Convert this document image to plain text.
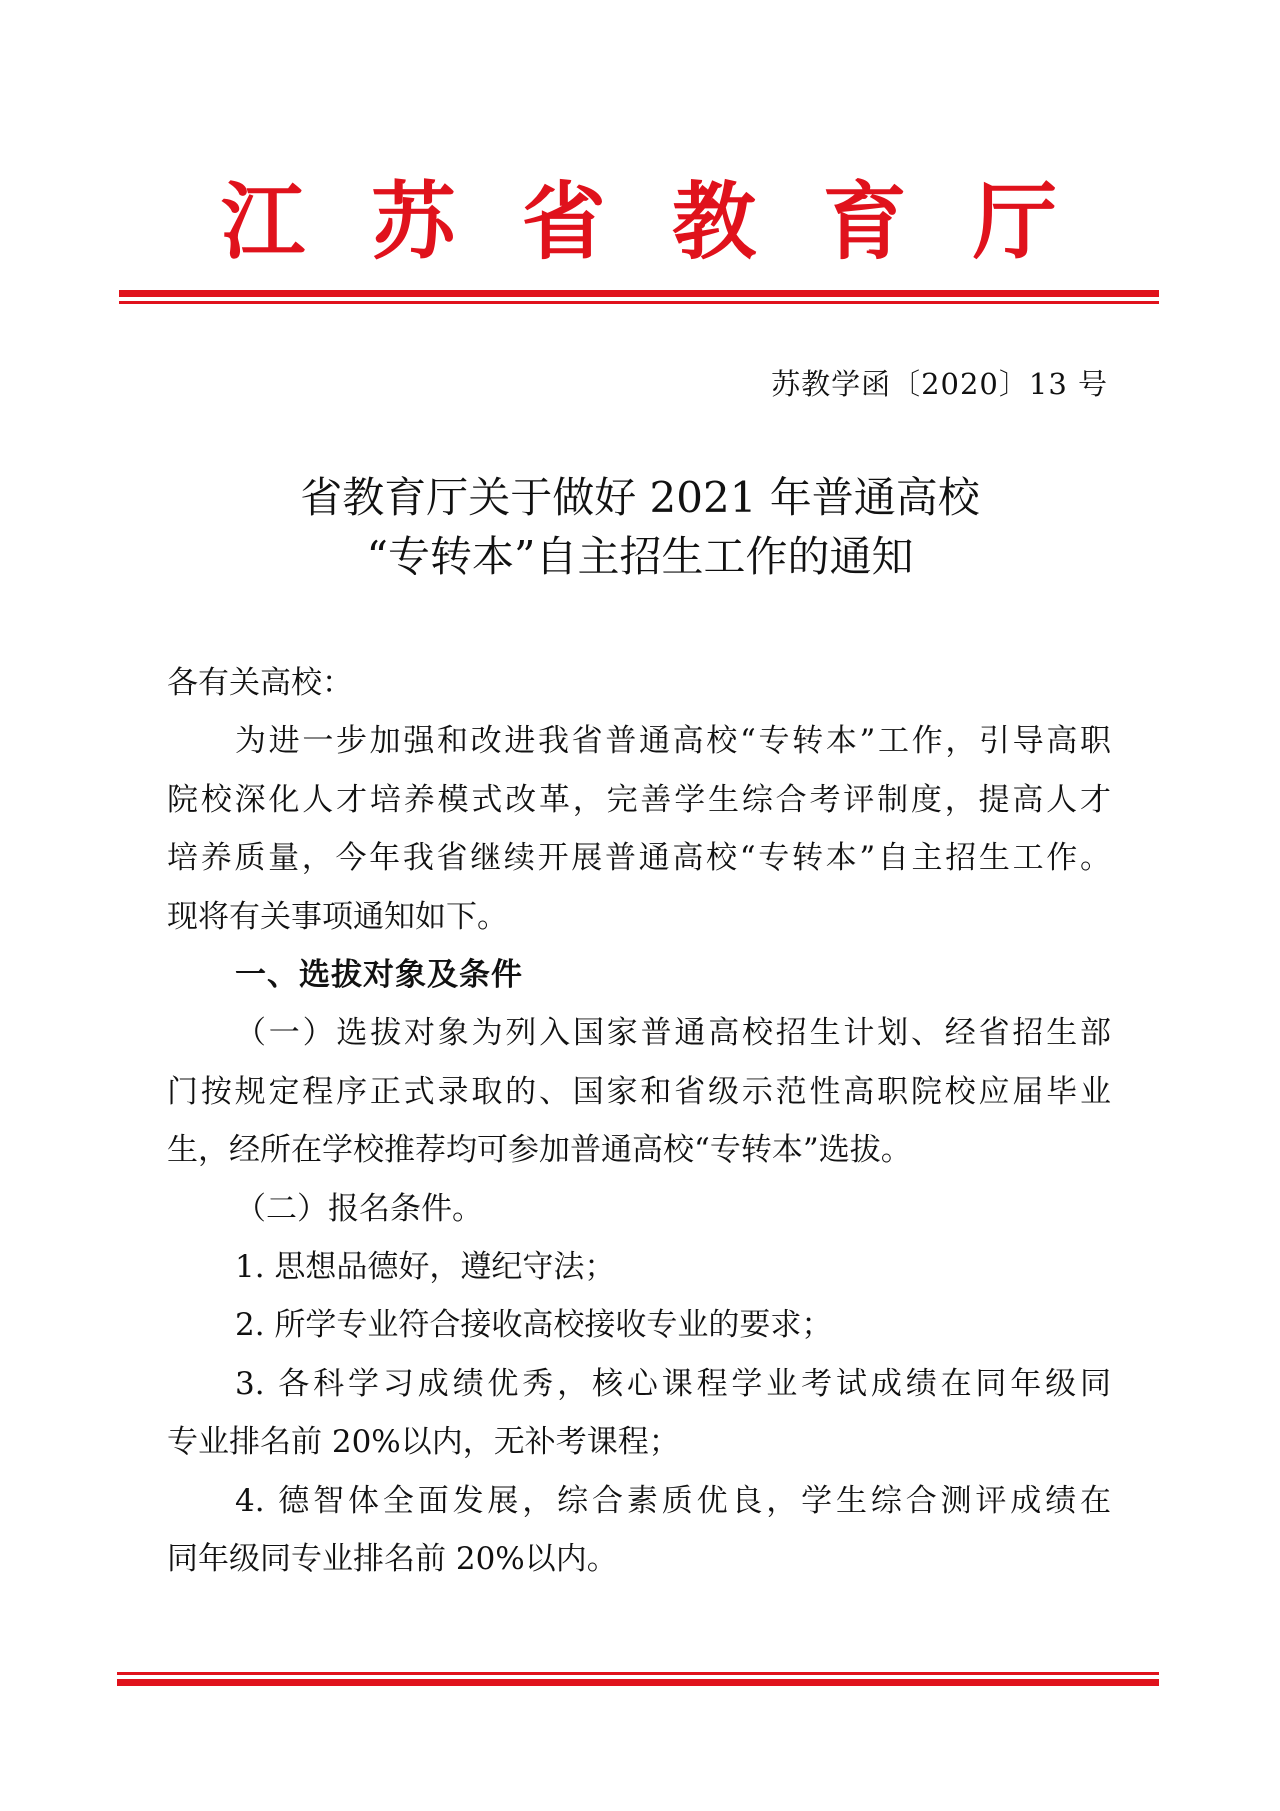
江 苏 省 教 育 厅
苏教学函〔2020〕13 号
省教育厅关于做好 2021 年普通高校
“专转本”自主招生工作的通知
各有关高校：
为进一步加强和改进我省普通高校“专转本”工作，引导高职
院校深化人才培养模式改革，完善学生综合考评制度，提高人才
培养质量，今年我省继续开展普通高校“专转本”自主招生工作。
现将有关事项通知如下。
一、选拔对象及条件
（一）选拔对象为列入国家普通高校招生计划、经省招生部
门按规定程序正式录取的、国家和省级示范性高职院校应届毕业
生，经所在学校推荐均可参加普通高校“专转本”选拔。
（二）报名条件。
1. 思想品德好，遵纪守法；
2. 所学专业符合接收高校接收专业的要求；
3. 各科学习成绩优秀，核心课程学业考试成绩在同年级同
专业排名前 20%以内，无补考课程；
4. 德智体全面发展，综合素质优良，学生综合测评成绩在
同年级同专业排名前 20%以内。
